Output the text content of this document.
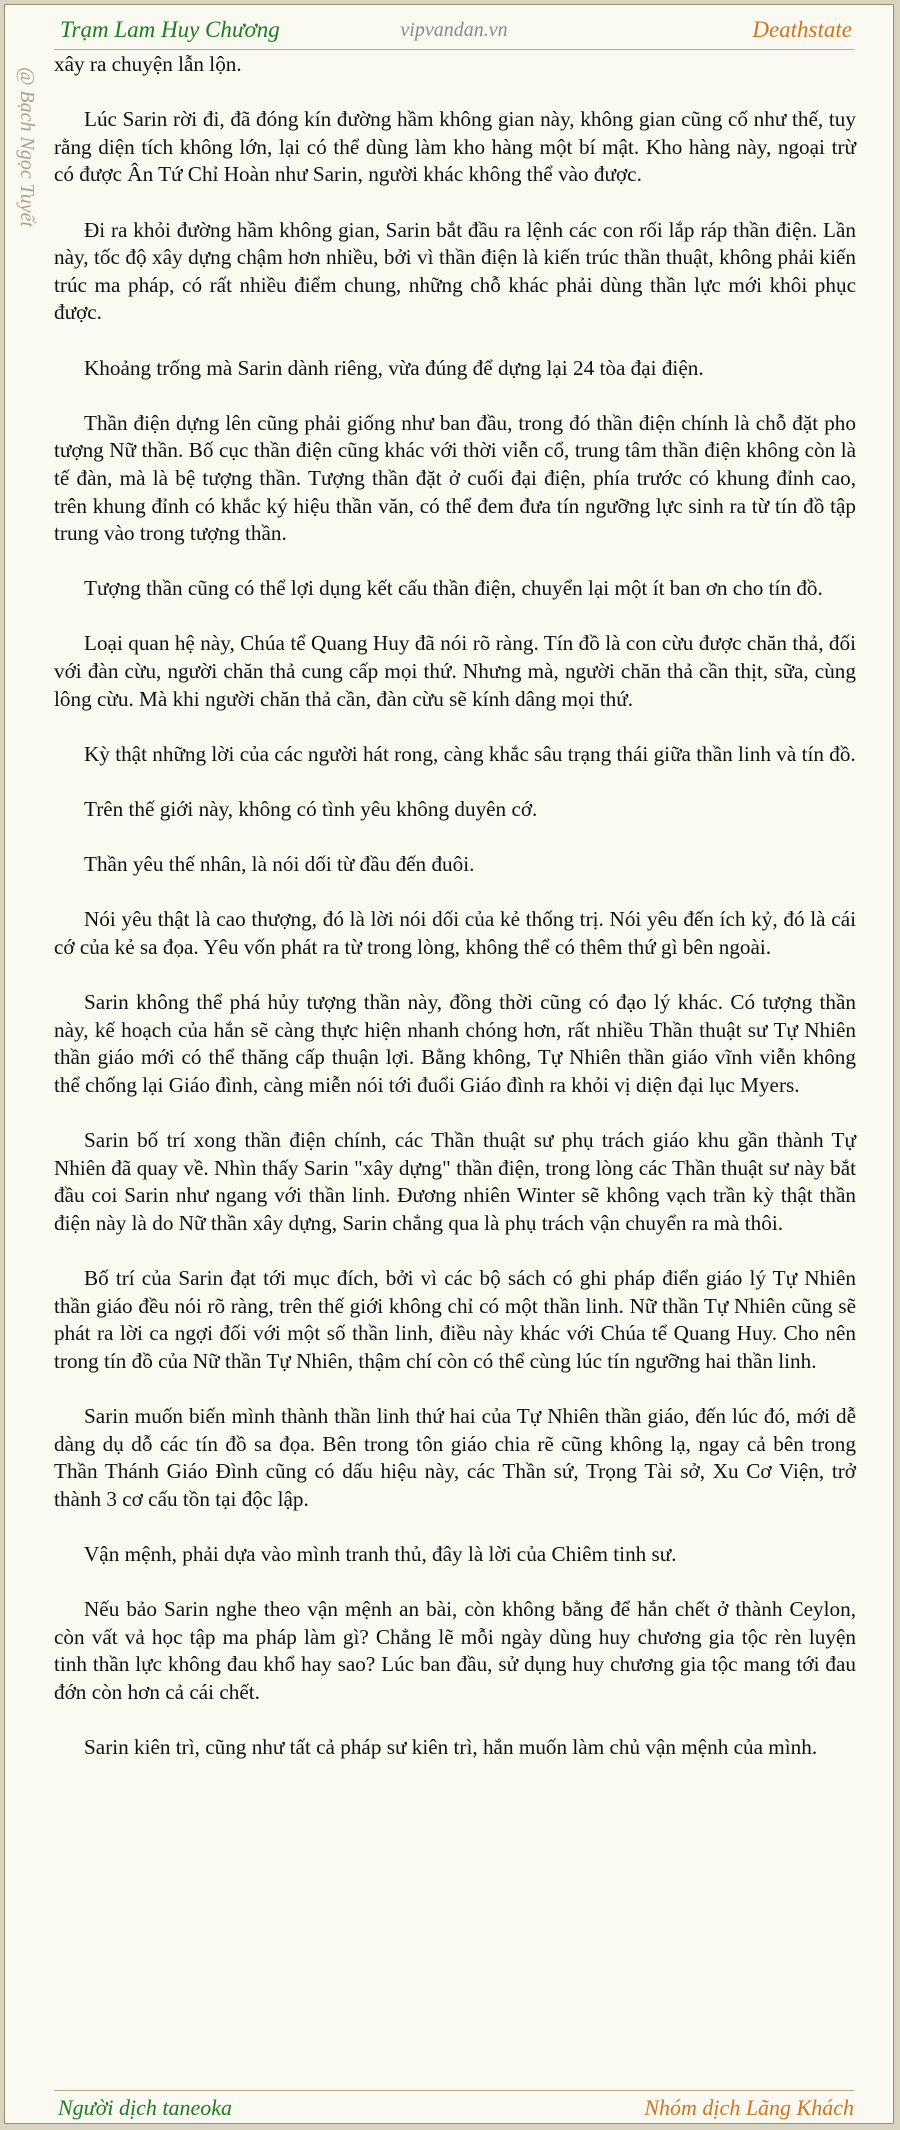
Trạm Lam Huy Chương	vipvandan.vn	Deathstate
@ Bạch Ngọc Tuyết

xây ra chuyện lẫn lộn.

Lúc Sarin rời đi, đã đóng kín đường hầm không gian này, không gian cũng cố như thế, tuy rằng diện tích không lớn, lại có thể dùng làm kho hàng một bí mật. Kho hàng này, ngoại trừ có được Ân Tứ Chỉ Hoàn như Sarin, người khác không thể vào được.

Đi ra khỏi đường hầm không gian, Sarin bắt đầu ra lệnh các con rối lắp ráp thần điện. Lần này, tốc độ xây dựng chậm hơn nhiều, bởi vì thần điện là kiến trúc thần thuật, không phải kiến trúc ma pháp, có rất nhiều điểm chung, những chỗ khác phải dùng thần lực mới khôi phục được.

Khoảng trống mà Sarin dành riêng, vừa đúng để dựng lại 24 tòa đại điện.

Thần điện dựng lên cũng phải giống như ban đầu, trong đó thần điện chính là chỗ đặt pho tượng Nữ thần. Bố cục thần điện cũng khác với thời viễn cổ, trung tâm thần điện không còn là tế đàn, mà là bệ tượng thần. Tượng thần đặt ở cuối đại điện, phía trước có khung đỉnh cao, trên khung đỉnh có khắc ký hiệu thần văn, có thể đem đưa tín ngưỡng lực sinh ra từ tín đồ tập trung vào trong tượng thần.

Tượng thần cũng có thể lợi dụng kết cấu thần điện, chuyển lại một ít ban ơn cho tín đồ.

Loại quan hệ này, Chúa tể Quang Huy đã nói rõ ràng. Tín đồ là con cừu được chăn thả, đối với đàn cừu, người chăn thả cung cấp mọi thứ. Nhưng mà, người chăn thả cần thịt, sữa, cùng lông cừu. Mà khi người chăn thả cần, đàn cừu sẽ kính dâng mọi thứ.

Kỳ thật những lời của các người hát rong, càng khắc sâu trạng thái giữa thần linh và tín đồ.

Trên thế giới này, không có tình yêu không duyên cớ.

Thần yêu thế nhân, là nói dối từ đầu đến đuôi.

Nói yêu thật là cao thượng, đó là lời nói dối của kẻ thống trị. Nói yêu đến ích kỷ, đó là cái cớ của kẻ sa đọa. Yêu vốn phát ra từ trong lòng, không thể có thêm thứ gì bên ngoài.

Sarin không thể phá hủy tượng thần này, đồng thời cũng có đạo lý khác. Có tượng thần này, kế hoạch của hắn sẽ càng thực hiện nhanh chóng hơn, rất nhiều Thần thuật sư Tự Nhiên thần giáo mới có thể thăng cấp thuận lợi. Bằng không, Tự Nhiên thần giáo vĩnh viễn không thể chống lại Giáo đình, càng miễn nói tới đuổi Giáo đình ra khỏi vị diện đại lục Myers.

Sarin bố trí xong thần điện chính, các Thần thuật sư phụ trách giáo khu gần thành Tự Nhiên đã quay về. Nhìn thấy Sarin "xây dựng" thần điện, trong lòng các Thần thuật sư này bắt đầu coi Sarin như ngang với thần linh. Đương nhiên Winter sẽ không vạch trần kỳ thật thần điện này là do Nữ thần xây dựng, Sarin chẳng qua là phụ trách vận chuyển ra mà thôi.

Bố trí của Sarin đạt tới mục đích, bởi vì các bộ sách có ghi pháp điển giáo lý Tự Nhiên thần giáo đều nói rõ ràng, trên thế giới không chỉ có một thần linh. Nữ thần Tự Nhiên cũng sẽ phát ra lời ca ngợi đối với một số thần linh, điều này khác với Chúa tể Quang Huy. Cho nên trong tín đồ của Nữ thần Tự Nhiên, thậm chí còn có thể cùng lúc tín ngưỡng hai thần linh.

Sarin muốn biến mình thành thần linh thứ hai của Tự Nhiên thần giáo, đến lúc đó, mới dễ dàng dụ dỗ các tín đồ sa đọa. Bên trong tôn giáo chia rẽ cũng không lạ, ngay cả bên trong Thần Thánh Giáo Đình cũng có dấu hiệu này, các Thần sứ, Trọng Tài sở, Xu Cơ Viện, trở thành 3 cơ cấu tồn tại độc lập.

Vận mệnh, phải dựa vào mình tranh thủ, đây là lời của Chiêm tinh sư.

Nếu bảo Sarin nghe theo vận mệnh an bài, còn không bằng để hắn chết ở thành Ceylon, còn vất vả học tập ma pháp làm gì? Chẳng lẽ mỗi ngày dùng huy chương gia tộc rèn luyện tinh thần lực không đau khổ hay sao? Lúc ban đầu, sử dụng huy chương gia tộc mang tới đau đớn còn hơn cả cái chết.

Sarin kiên trì, cũng như tất cả pháp sư kiên trì, hắn muốn làm chủ vận mệnh của mình.

Người dịch taneoka	Nhóm dịch Lãng Khách
